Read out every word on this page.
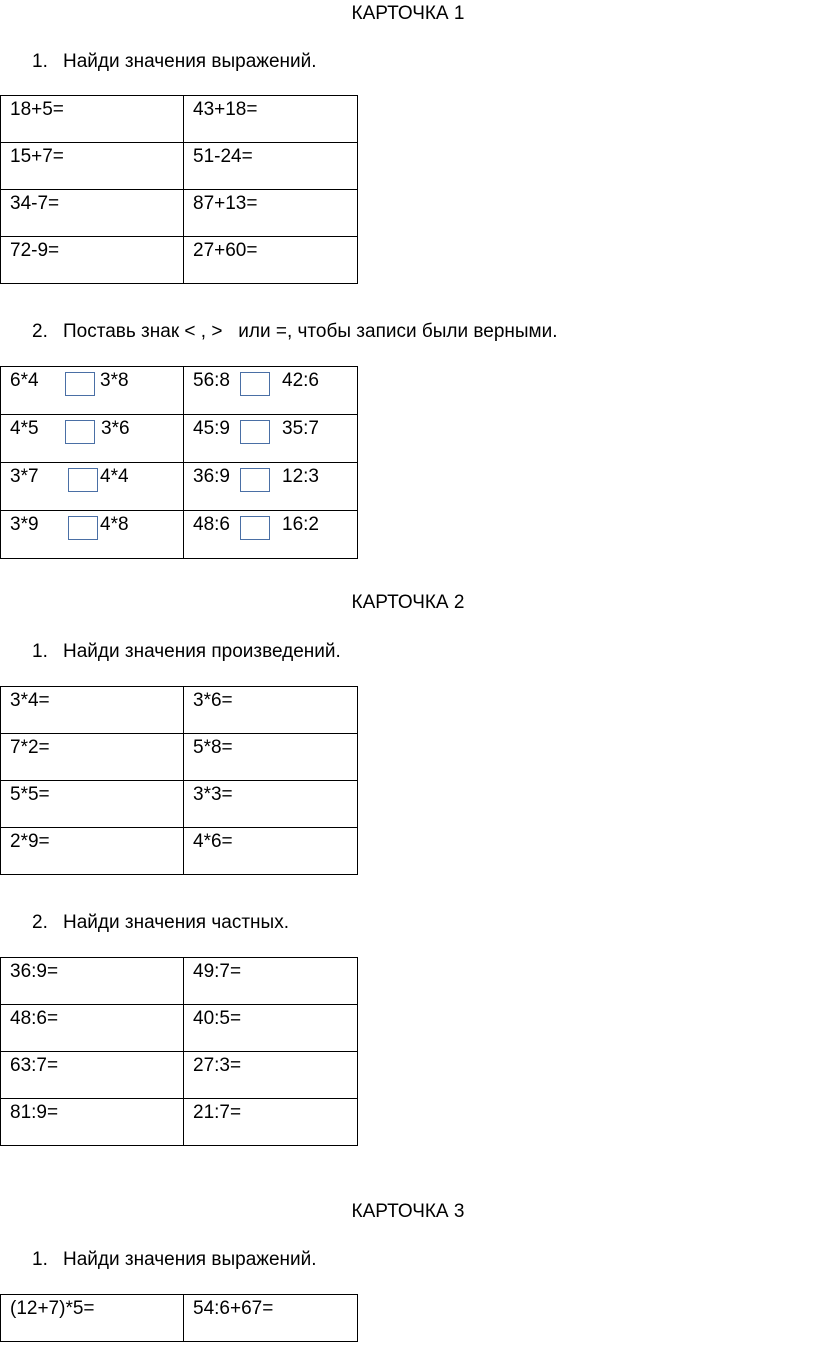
КАРТОЧКА 1
1. Найди значения выражений.
18+5=	43+18=

15+7=	51-24=

34-7=	87+13=

72-9=	27+60=
2. Поставь знак < , >   или =, чтобы записи были верными.
6*4 3*8	56:8 42:6

4*5 3*6	45:9 35:7

3*7 4*4	36:9 12:3

3*9 4*8	48:6 16:2
КАРТОЧКА 2
1. Найди значения произведений.
3*4=	3*6=

7*2=	5*8=

5*5=	3*3=

2*9=	4*6=
2. Найди значения частных.
36:9=	49:7=

48:6=	40:5=

63:7=	27:3=

81:9=	21:7=
КАРТОЧКА 3
1. Найди значения выражений.
(12+7)*5=	54:6+67=
